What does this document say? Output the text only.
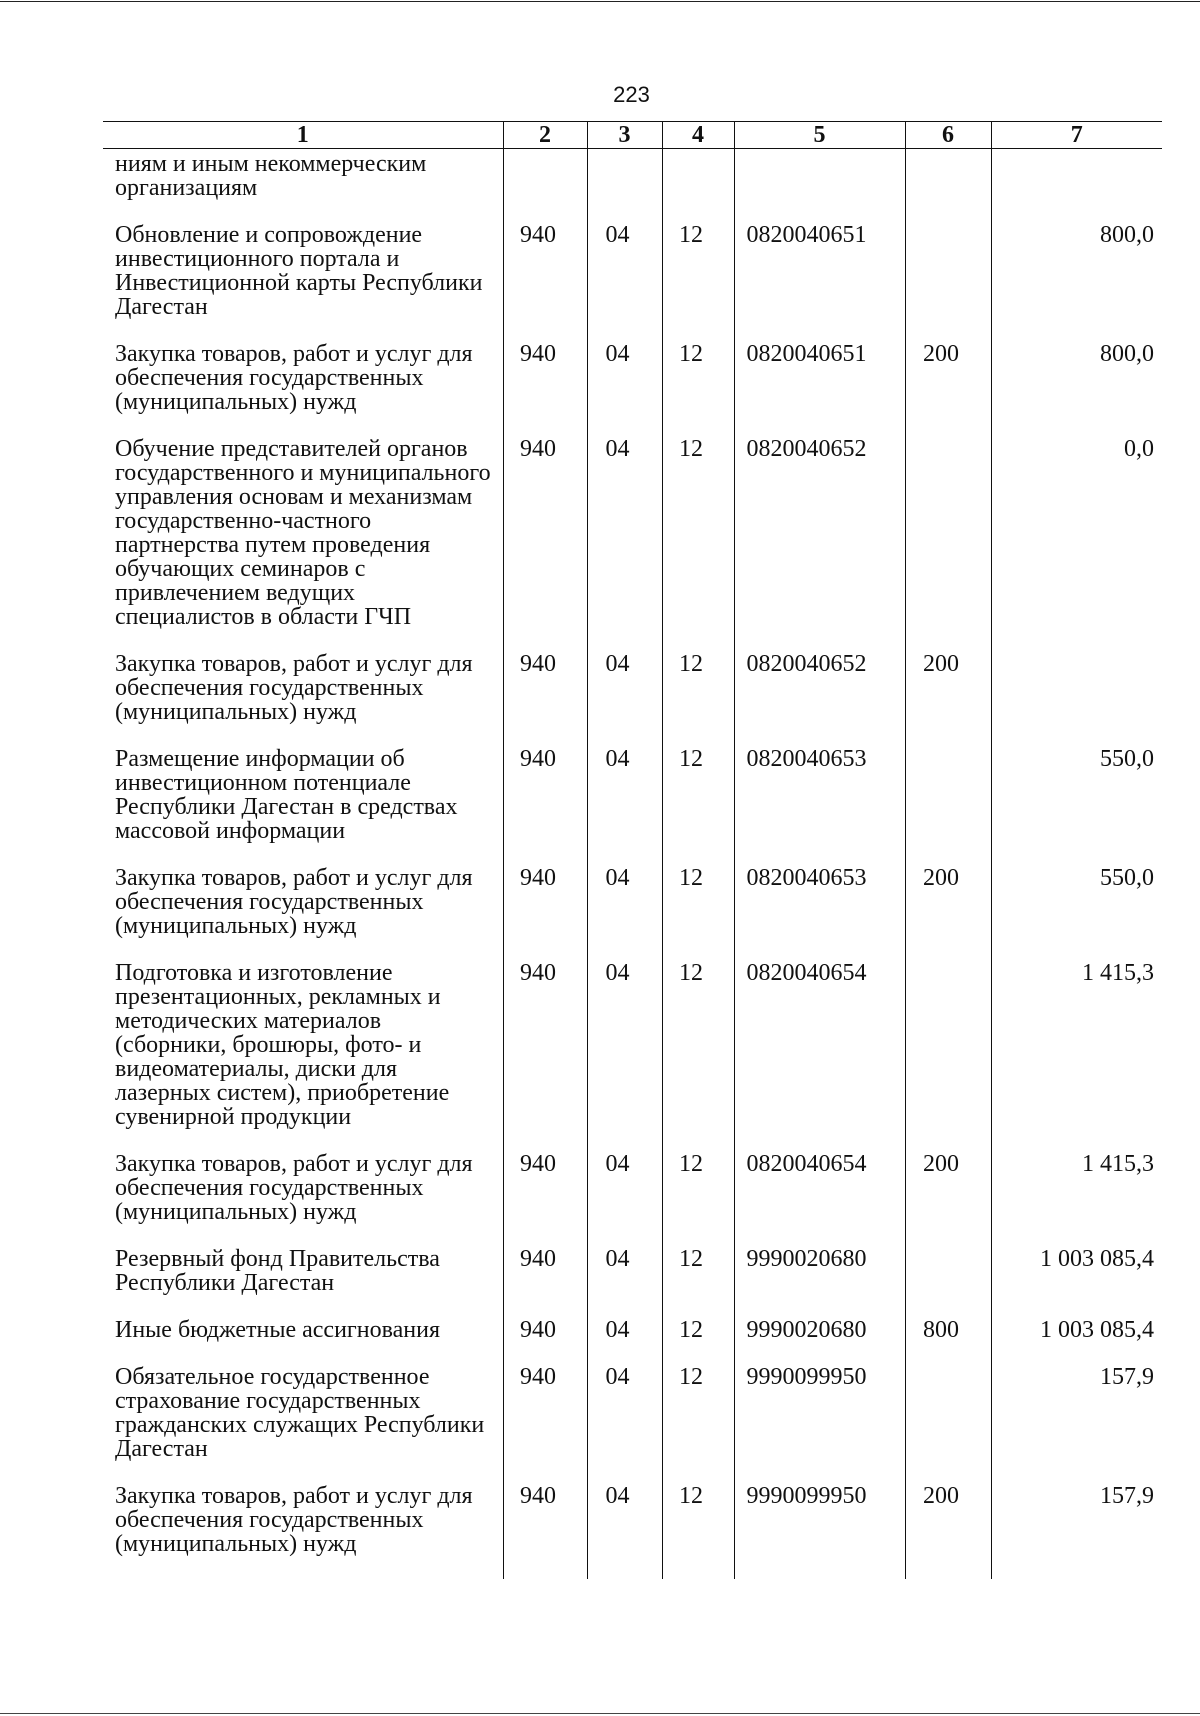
223
1	2	3	4	5	6	7
ниям и иным некоммерческим организациям						
Обновление и сопровождение инвестиционного портала и Инвестиционной карты Республики Дагестан	940	04	12	0820040651		800,0
Закупка товаров, работ и услуг для обеспечения государственных (муниципальных) нужд	940	04	12	0820040651	200	800,0
Обучение представителей органов государственного и муниципального управления основам и механизмам государственно-частного партнерства путем проведения обучающих семинаров с привлечением ведущих специалистов в области ГЧП	940	04	12	0820040652		0,0
Закупка товаров, работ и услуг для обеспечения государственных (муниципальных) нужд	940	04	12	0820040652	200	
Размещение информации об инвестиционном потенциале Республики Дагестан в средствах массовой информации	940	04	12	0820040653		550,0
Закупка товаров, работ и услуг для обеспечения государственных (муниципальных) нужд	940	04	12	0820040653	200	550,0
Подготовка и изготовление презентационных, рекламных и методических материалов (сборники, брошюры, фото- и видеоматериалы, диски для лазерных систем), приобретение сувенирной продукции	940	04	12	0820040654		1 415,3
Закупка товаров, работ и услуг для обеспечения государственных (муниципальных) нужд	940	04	12	0820040654	200	1 415,3
Резервный фонд Правительства Республики Дагестан	940	04	12	9990020680		1 003 085,4
Иные бюджетные ассигнования	940	04	12	9990020680	800	1 003 085,4
Обязательное государственное страхование государственных гражданских служащих Республики Дагестан	940	04	12	9990099950		157,9
Закупка товаров, работ и услуг для обеспечения государственных (муниципальных) нужд	940	04	12	9990099950	200	157,9
